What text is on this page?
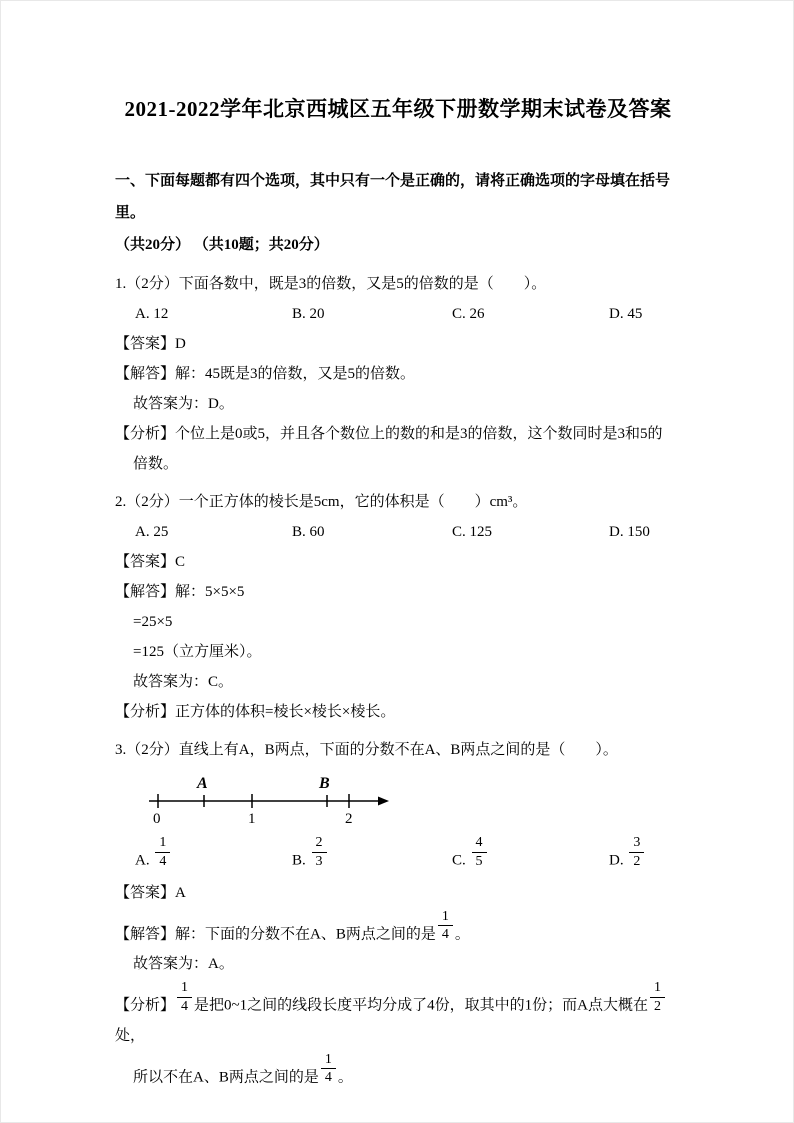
2021-2022学年北京西城区五年级下册数学期末试卷及答案
一、下面每题都有四个选项，其中只有一个是正确的，请将正确选项的字母填在括号里。
（共20分） （共10题；共20分）
1.（2分）下面各数中，既是3的倍数，又是5的倍数的是（　　）。
A. 12	B. 20	C. 26	D. 45
【答案】D
【解答】解：45既是3的倍数，又是5的倍数。
故答案为：D。
【分析】个位上是0或5，并且各个数位上的数的和是3的倍数，这个数同时是3和5的
倍数。
2.（2分）一个正方体的棱长是5cm，它的体积是（　　）cm³。
A. 25	B. 60	C. 125	D. 150
【答案】C
【解答】解：5×5×5
=25×5
=125（立方厘米）。
故答案为：C。
【分析】正方体的体积=棱长×棱长×棱长。
3.（2分）直线上有A，B两点，下面的分数不在A、B两点之间的是（　　）。
A	B
0	1	2
A. $\frac{1}{4}$	B. $\frac{2}{3}$	C. $\frac{4}{5}$	D. $\frac{3}{2}$
【答案】A
【解答】解：下面的分数不在A、B两点之间的是 $\frac{1}{4}$ 。
故答案为：A。
【分析】 $\frac{1}{4}$ 是把0~1之间的线段长度平均分成了4份，取其中的1份；而A点大概在 $\frac{1}{2}$
处，
所以不在A、B两点之间的是 $\frac{1}{4}$ 。
